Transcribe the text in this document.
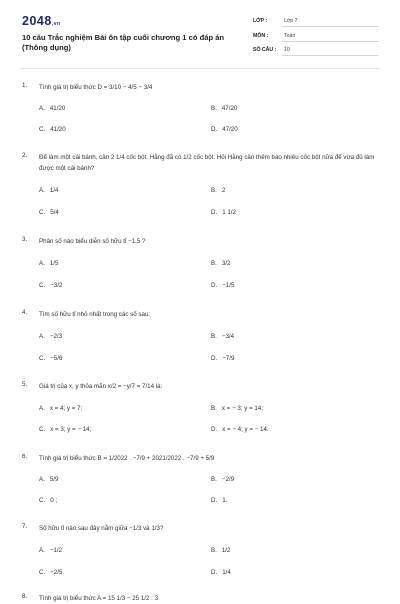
2048.vn
10 câu Trắc nghiệm Bài ôn tập cuối chương 1 có đáp án (Thông dụng)
LỚP :	Lớp 7
MÔN :	Toán
SỐ CÂU : 10
1. Tính giá trị biểu thức D = 3/10 − 4/5 − 3/4
A. 41/20	B. 47/20
C. 41/20	D. 47/20
2. Để làm một cái bánh, cần 2 1/4 cốc bột. Hằng đã có 1/2 cốc bột. Hỏi Hằng cần thêm bao nhiêu cốc bột nữa để vừa đủ làm được một cái bánh?
A. 1/4	B. 2
C. 5/4	D. 1 1/2
3. Phân số nào biểu diễn số hữu tỉ −1,5 ?
A. 1/5	B. 3/2
C. −3/2	D. −1/5
4. Tìm số hữu tỉ nhỏ nhất trong các số sau:
A. −2/3	B. −3/4
C. −5/6	D. −7/9
5. Giá trị của x, y thỏa mãn x/2 = −y/7 = 7/14 là:
A. x = 4; y = 7;	B. x = − 3; y = 14;
C. x = 3; y = − 14;	D. x = − 4; y = − 14.
6. Tính giá trị biểu thức B = 1/2022 . −7/9 + 2021/2022 . −7/9 + 5/9
A. 5/9	B. −2/9
C. 0 ;	D. 1.
7. Số hữu tỉ nào sau đây nằm giữa −1/3 và 1/3?
A. −1/2	B. 1/2
C. −2/5	D. 1/4
8. Tính giá trị biểu thức A = 15 1/3 − 25 1/2 : 3
